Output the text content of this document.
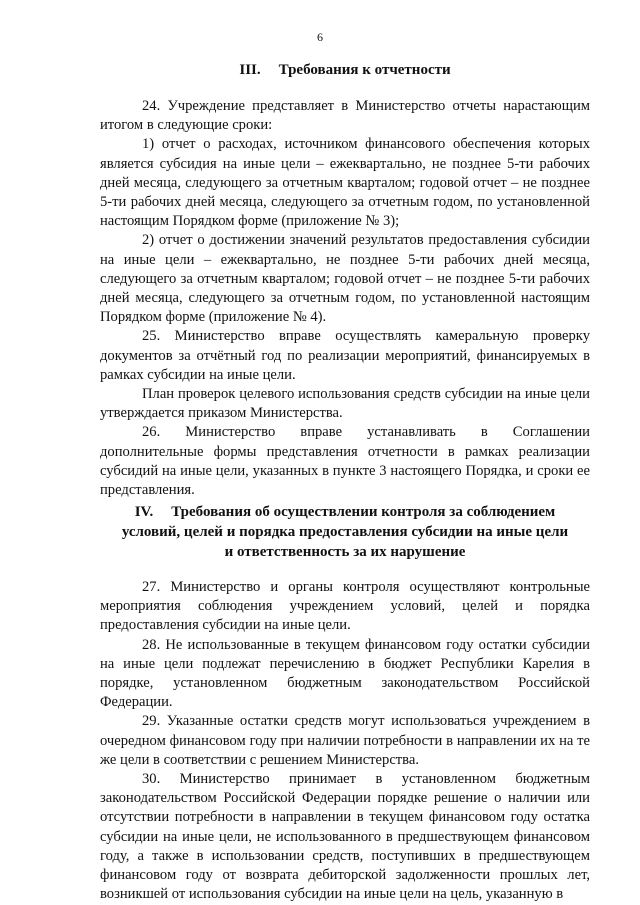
6
III. Требования к отчетности

24. Учреждение представляет в Министерство отчеты нарастающим итогом в следующие сроки:

1) отчет о расходах, источником финансового обеспечения которых является субсидия на иные цели – ежеквартально, не позднее 5-ти рабочих дней месяца, следующего за отчетным кварталом; годовой отчет – не позднее 5-ти рабочих дней месяца, следующего за отчетным годом, по установленной настоящим Порядком форме (приложение № 3);

2) отчет о достижении значений результатов предоставления субсидии на иные цели – ежеквартально, не позднее 5-ти рабочих дней месяца, следующего за отчетным кварталом; годовой отчет – не позднее 5-ти рабочих дней месяца, следующего за отчетным годом, по установленной настоящим Порядком форме (приложение № 4).

25. Министерство вправе осуществлять камеральную проверку документов за отчётный год по реализации мероприятий, финансируемых в рамках субсидии на иные цели.

План проверок целевого использования средств субсидии на иные цели утверждается приказом Министерства.

26. Министерство вправе устанавливать в Соглашении дополнительные формы представления отчетности в рамках реализации субсидий на иные цели, указанных в пункте 3 настоящего Порядка, и сроки ее представления.

IV. Требования об осуществлении контроля за соблюдением
условий, целей и порядка предоставления субсидии на иные цели
и ответственность за их нарушение

27. Министерство и органы контроля осуществляют контрольные мероприятия соблюдения учреждением условий, целей и порядка предоставления субсидии на иные цели.

28. Не использованные в текущем финансовом году остатки субсидии на иные цели подлежат перечислению в бюджет Республики Карелия в порядке, установленном бюджетным законодательством Российской Федерации.

29. Указанные остатки средств могут использоваться учреждением в очередном финансовом году при наличии потребности в направлении их на те же цели в соответствии с решением Министерства.

30. Министерство принимает в установленном бюджетным законодательством Российской Федерации порядке решение о наличии или отсутствии потребности в направлении в текущем финансовом году остатка субсидии на иные цели, не использованного в предшествующем финансовом году, а также в использовании средств, поступивших в предшествующем финансовом году от возврата дебиторской задолженности прошлых лет, возникшей от использования субсидии на иные цели на цель, указанную в
